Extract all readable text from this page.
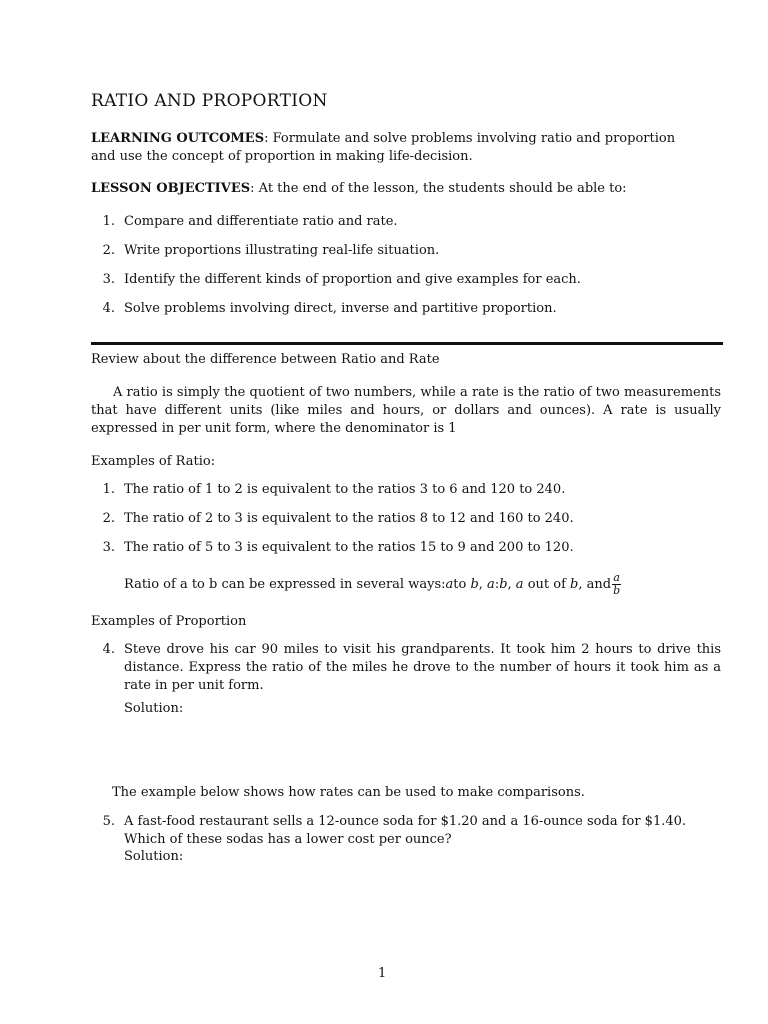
RATIO AND PROPORTION

LEARNING OUTCOMES: Formulate and solve problems involving ratio and proportion and use the concept of proportion in making life-decision.

LESSON OBJECTIVES: At the end of the lesson, the students should be able to:

1. Compare and differentiate ratio and rate.
2. Write proportions illustrating real-life situation.
3. Identify the different kinds of proportion and give examples for each.
4. Solve problems involving direct, inverse and partitive proportion.

Review about the difference between Ratio and Rate

A ratio is simply the quotient of two numbers, while a rate is the ratio of two measurements that have different units (like miles and hours, or dollars and ounces). A rate is usually expressed in per unit form, where the denominator is 1

Examples of Ratio:

1. The ratio of 1 to 2 is equivalent to the ratios 3 to 6 and 120 to 240.
2. The ratio of 2 to 3 is equivalent to the ratios 8 to 12 and 160 to 240.
3. The ratio of 5 to 3 is equivalent to the ratios 15 to 9 and 200 to 120.

Ratio of a to b can be expressed in several ways:ato b, a:b, a out of b, and $\frac{a}{b}$

Examples of Proportion

4. Steve drove his car 90 miles to visit his grandparents. It took him 2 hours to drive this distance. Express the ratio of the miles he drove to the number of hours it took him as a rate in per unit form.

Solution:

The example below shows how rates can be used to make comparisons.

5. A fast-food restaurant sells a 12-ounce soda for $1.20 and a 16-ounce soda for $1.40. Which of these sodas has a lower cost per ounce?

Solution:

1
